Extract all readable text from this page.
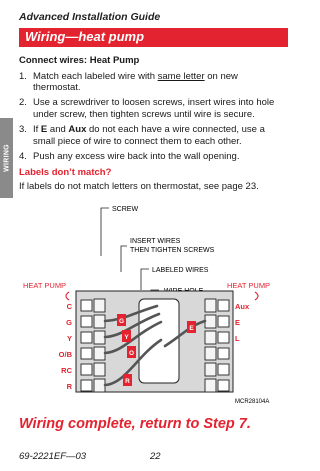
Advanced Installation Guide
Wiring—heat pump
WIRING
Connect wires: Heat Pump
1. Match each labeled wire with same letter on new thermostat.
2. Use a screwdriver to loosen screws, insert wires into hole under screw, then tighten screws until wire is secure.
3. If E and Aux do not each have a wire connected, use a small piece of wire to connect them to each other.
4. Push any excess wire back into the wall opening.
Labels don’t match?
If labels do not match letters on thermostat, see page 23.
SCREW
INSERT WIRES
THEN TIGHTEN SCREWS
LABELED WIRES
HEAT PUMP	HEAT PUMP
C
G
Y
O/B
RC
R
Aux
E
L
G
Y
O
R
E
MCR28104A
Wiring complete, return to Step 7.
69-2221EF—03	22
